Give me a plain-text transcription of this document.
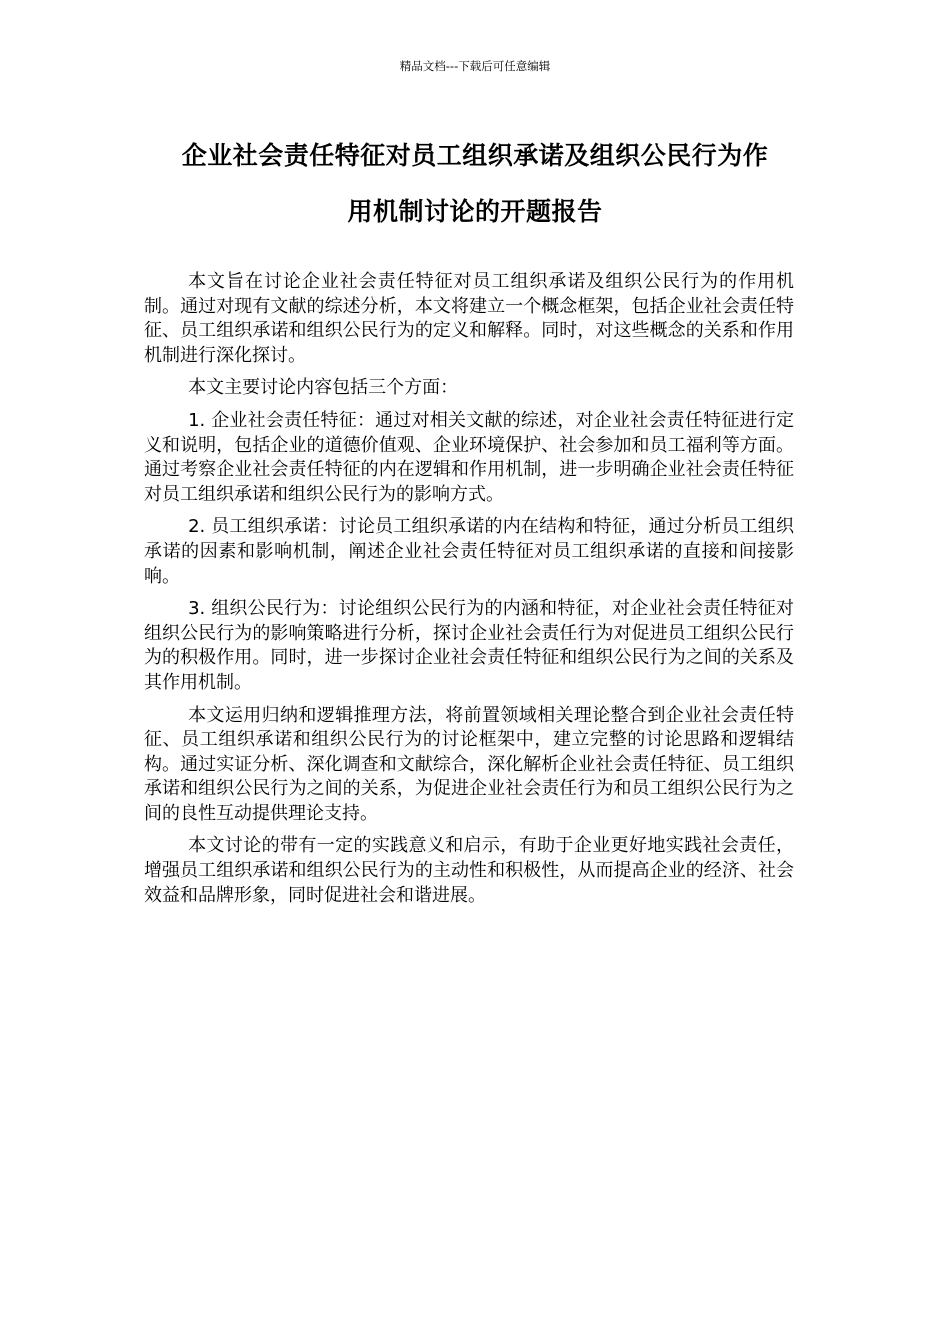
精品文档---下载后可任意编辑
企业社会责任特征对员工组织承诺及组织公民行为作
用机制讨论的开题报告

本文旨在讨论企业社会责任特征对员工组织承诺及组织公民行为的作用机制。通过对现有文献的综述分析，本文将建立一个概念框架，包括企业社会责任特征、员工组织承诺和组织公民行为的定义和解释。同时，对这些概念的关系和作用机制进行深化探讨。

本文主要讨论内容包括三个方面：

1. 企业社会责任特征：通过对相关文献的综述，对企业社会责任特征进行定义和说明，包括企业的道德价值观、企业环境保护、社会参加和员工福利等方面。通过考察企业社会责任特征的内在逻辑和作用机制，进一步明确企业社会责任特征对员工组织承诺和组织公民行为的影响方式。

2. 员工组织承诺：讨论员工组织承诺的内在结构和特征，通过分析员工组织承诺的因素和影响机制，阐述企业社会责任特征对员工组织承诺的直接和间接影响。

3. 组织公民行为：讨论组织公民行为的内涵和特征，对企业社会责任特征对组织公民行为的影响策略进行分析，探讨企业社会责任行为对促进员工组织公民行为的积极作用。同时，进一步探讨企业社会责任特征和组织公民行为之间的关系及其作用机制。

本文运用归纳和逻辑推理方法，将前置领域相关理论整合到企业社会责任特征、员工组织承诺和组织公民行为的讨论框架中，建立完整的讨论思路和逻辑结构。通过实证分析、深化调查和文献综合，深化解析企业社会责任特征、员工组织承诺和组织公民行为之间的关系，为促进企业社会责任行为和员工组织公民行为之间的良性互动提供理论支持。

本文讨论的带有一定的实践意义和启示，有助于企业更好地实践社会责任，增强员工组织承诺和组织公民行为的主动性和积极性，从而提高企业的经济、社会效益和品牌形象，同时促进社会和谐进展。
